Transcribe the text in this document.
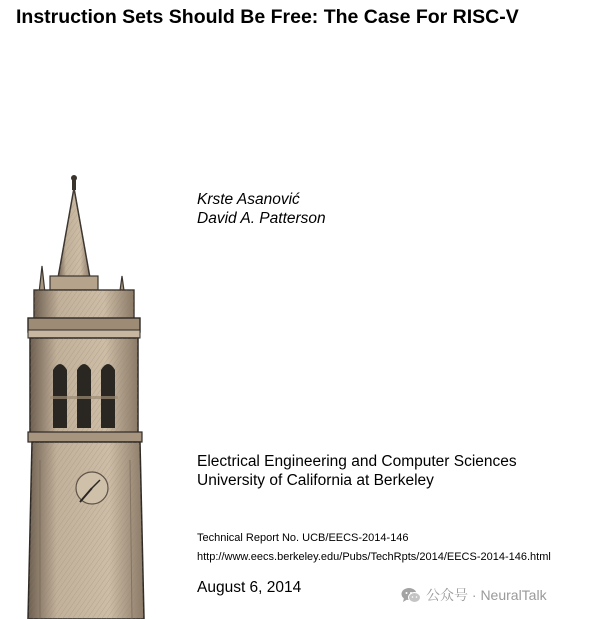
Instruction Sets Should Be Free: The Case For RISC-V
Krste Asanović
David A. Patterson
Electrical Engineering and Computer Sciences
University of California at Berkeley
Technical Report No. UCB/EECS-2014-146
http://www.eecs.berkeley.edu/Pubs/TechRpts/2014/EECS-2014-146.html
August 6, 2014	公众号 · NeuralTalk
